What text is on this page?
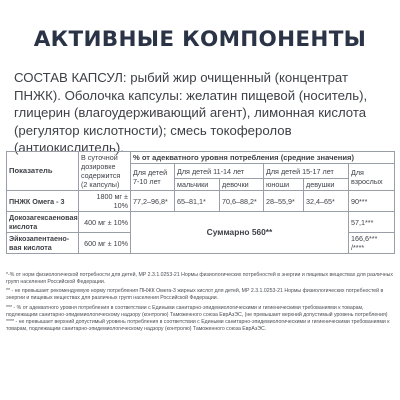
АКТИВНЫЕ КОМПОНЕНТЫ
СОСТАВ КАПСУЛ: рыбий жир очищенный (концентрат ПНЖК). Оболочка капсулы: желатин пищевой (носитель), глицерин (влагоудерживающий агент), лимонная кислота (регулятор кислотности); смесь токоферолов (антиокислитель).
Показатель	В суточной дозировке содержится (2 капсулы)	% от адекватного уровня потребления (средние значения)					
		Для детей 7-10 лет	Для детей 11-14 лет		Для детей 15-17 лет		Для взрослых
			мальчики	девочки	юноши	девушки	
ПНЖК Омега - 3	1800 мг ± 10%	77,2–96,8*	65–81,1*	70,6–88,2*	28–55,9*	32,4–65*	90***
Докозагексаеновая кислота	400 мг ± 10%	Суммарно 560**					57,1***
Эйкозапентаено-вая кислота	600 мг ± 10%						166,6*** /****

*-% от норм физиологической потребности для детей, МР 2.3.1.0253-21 Нормы физиологических потребностей в энергии и пищевых веществах для различных групп населения Российской Федерации.

** - не превышает рекомендуемую норму потребления ПНЖК Омега-3 жирных кислот для детей, МР 2.3.1.0253-21 Нормы физиологических потребностей в энергии и пищевых веществах для различных групп населения Российской Федерации.

*** - % от адекватного уровня потребления в соответствии с Едиными санитарно-эпидемиологическими и гигиеническими требованиями к товарам, подлежащим санитарно-эпидемиологическому надзору (контролю) Таможенного союза ЕврАзЭС, (не превышает верхний допустимый уровень потребления) **** - не превышает верхний допустимый уровень потребления в соответствии с Едиными санитарно-эпидемиологическими и гигиеническими требованиями к товарам, подлежащим санитарно-эпидемиологическому надзору (контролю) Таможенного союза ЕврАзЭС.
